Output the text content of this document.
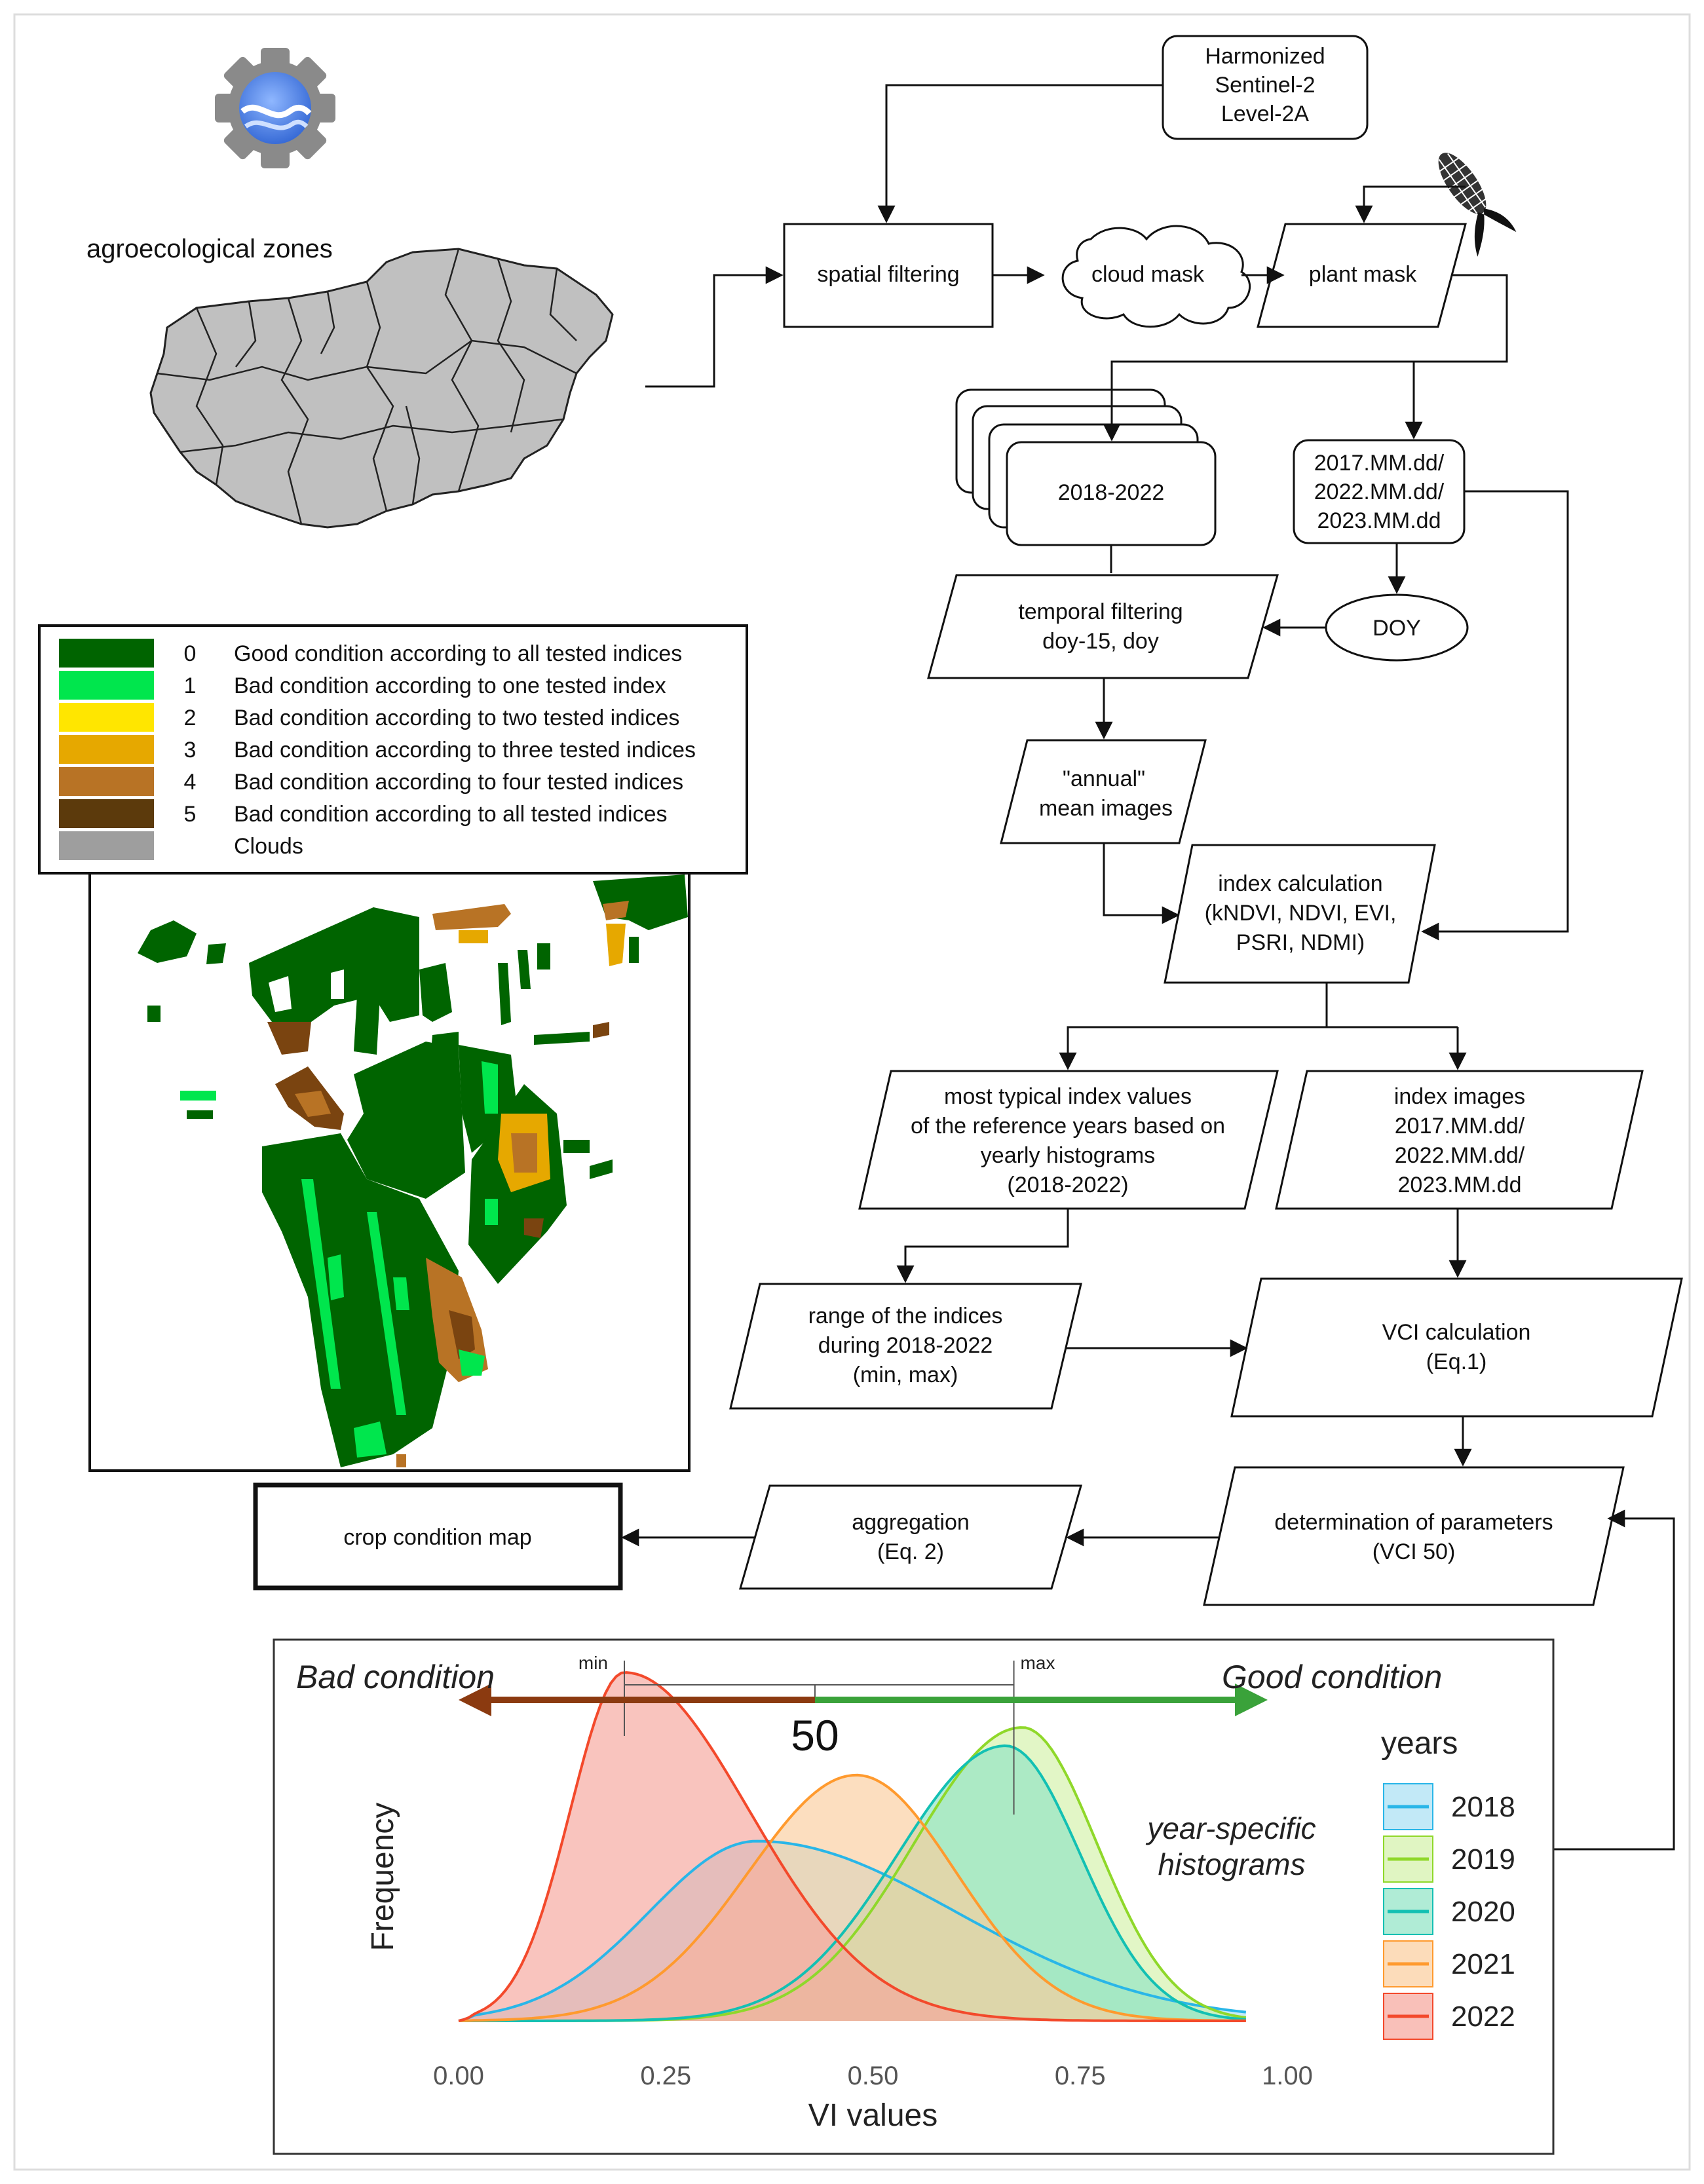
agroecological zones
Harmonized
Sentinel-2
Level-2A
spatial filtering	cloud mask	plant mask
2018-2022
2017.MM.dd/
2022.MM.dd/
2023.MM.dd
temporal filtering
doy-15, doy
DOY
"annual"
mean images
index calculation
(kNDVI, NDVI, EVI,
PSRI, NDMI)
most typical index values
of the reference years based on
yearly histograms
(2018-2022)
index images
2017.MM.dd/
2022.MM.dd/
2023.MM.dd
range of the indices
during 2018-2022
(min, max)
VCI calculation
(Eq.1)
determination of parameters
(VCI 50)
aggregation
(Eq. 2)
crop condition map
0 Good condition according to all tested indices
1 Bad condition according to one tested index
2 Bad condition according to two tested indices
3 Bad condition according to three tested indices
4 Bad condition according to four tested indices
5 Bad condition according to all tested indices
Clouds
0.00	0.25	0.50	0.75	1.00
VI values
Frequency
min	max
50
Bad condition	Good condition
year-specific
histograms
years
2018
2019
2020
2021
2022
